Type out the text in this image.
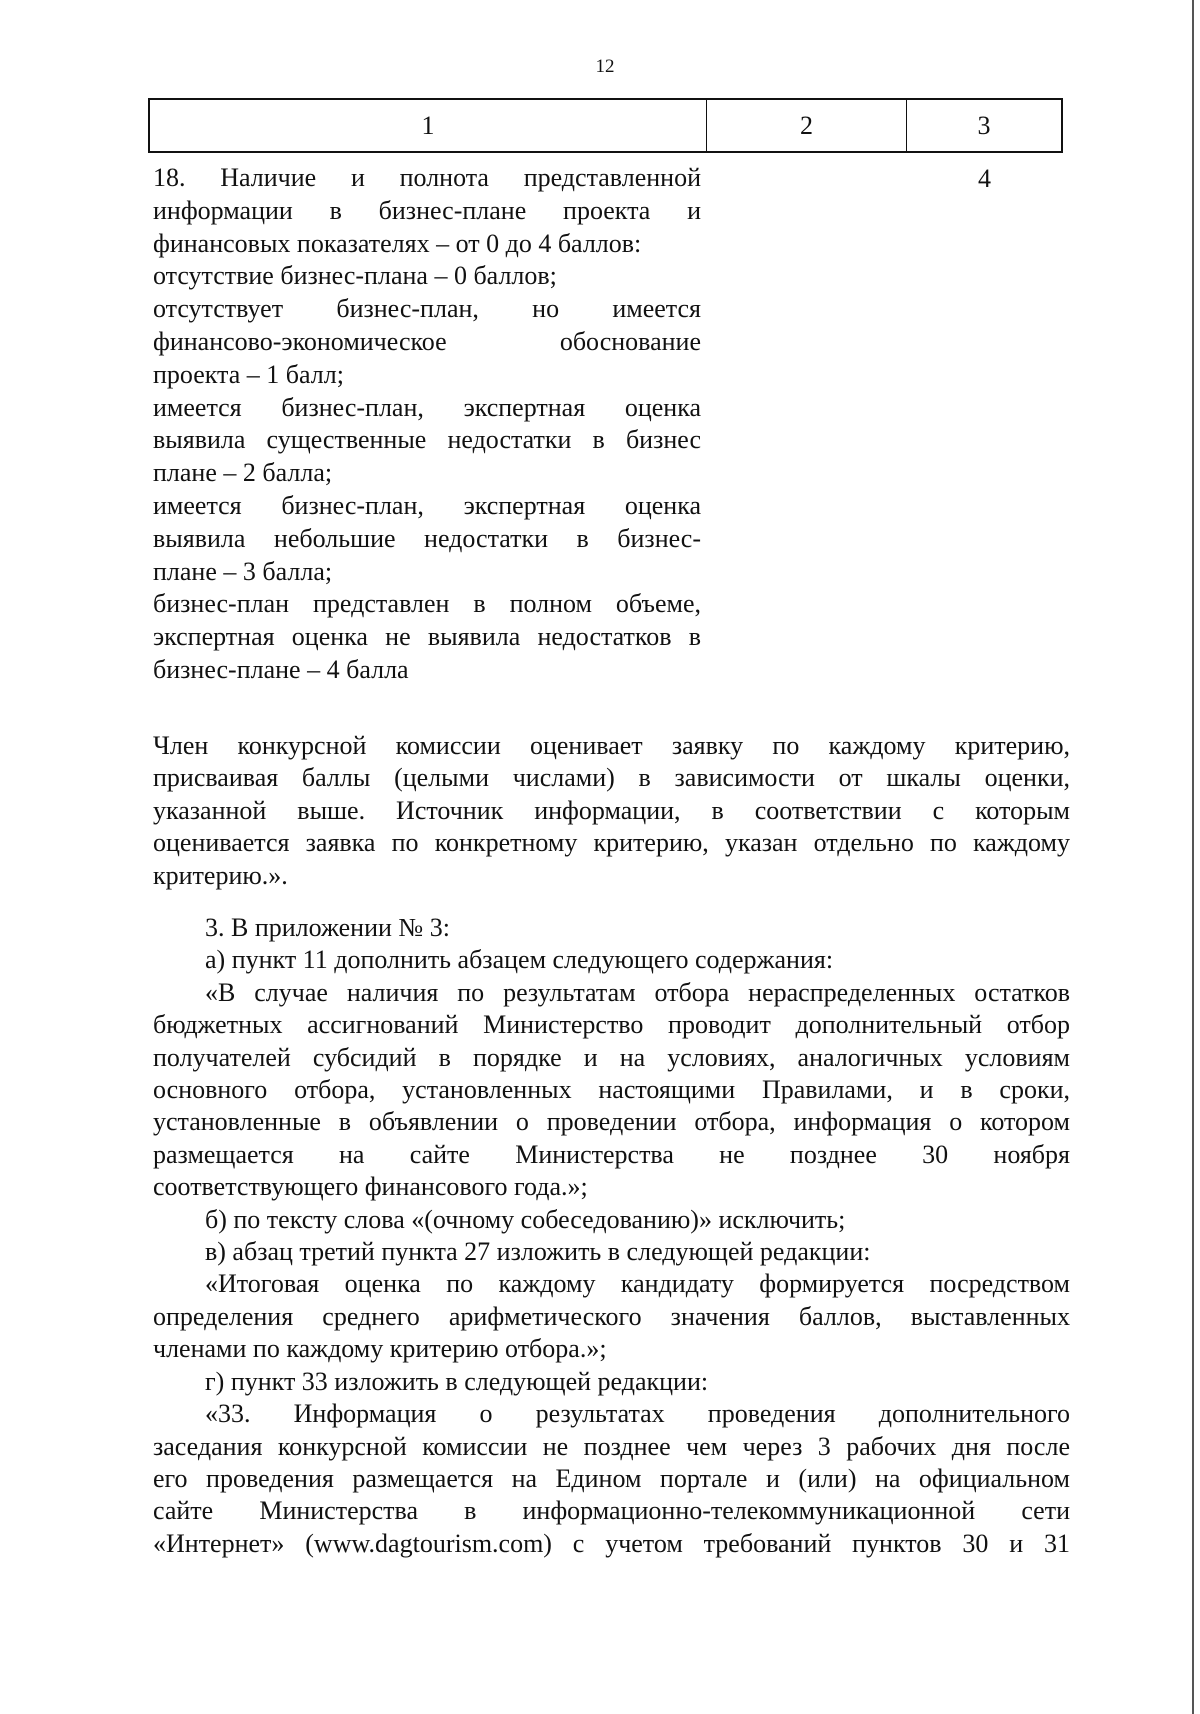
12
1	2	3
18. Наличие и полнота представленной
информации в бизнес-плане проекта и
финансовых показателях – от 0 до 4 баллов:
отсутствие бизнес-плана – 0 баллов;
отсутствует бизнес-план, но имеется
финансово-экономическое обоснование
проекта – 1 балл;
имеется бизнес-план, экспертная оценка
выявила существенные недостатки в бизнес
плане – 2 балла;
имеется бизнес-план, экспертная оценка
выявила небольшие недостатки в бизнес-
плане – 3 балла;
бизнес-план представлен в полном объеме,
экспертная оценка не выявила недостатков в
бизнес-плане – 4 балла
4
Член конкурсной комиссии оценивает заявку по каждому критерию,
присваивая баллы (целыми числами) в зависимости от шкалы оценки,
указанной выше. Источник информации, в соответствии с которым
оценивается заявка по конкретному критерию, указан отдельно по каждому
критерию.».
3. В приложении № 3:
а) пункт 11 дополнить абзацем следующего содержания:
«В случае наличия по результатам отбора нераспределенных остатков
бюджетных ассигнований Министерство проводит дополнительный отбор
получателей субсидий в порядке и на условиях, аналогичных условиям
основного отбора, установленных настоящими Правилами, и в сроки,
установленные в объявлении о проведении отбора, информация о котором
размещается на сайте Министерства не позднее 30 ноября
соответствующего финансового года.»;
б) по тексту слова «(очному собеседованию)» исключить;
в) абзац третий пункта 27 изложить в следующей редакции:
«Итоговая оценка по каждому кандидату формируется посредством
определения среднего арифметического значения баллов, выставленных
членами по каждому критерию отбора.»;
г) пункт 33 изложить в следующей редакции:
«33. Информация о результатах проведения дополнительного
заседания конкурсной комиссии не позднее чем через 3 рабочих дня после
его проведения размещается на Едином портале и (или) на официальном
сайте Министерства в информационно-телекоммуникационной сети
«Интернет» (www.dagtourism.com) с учетом требований пунктов 30 и 31
